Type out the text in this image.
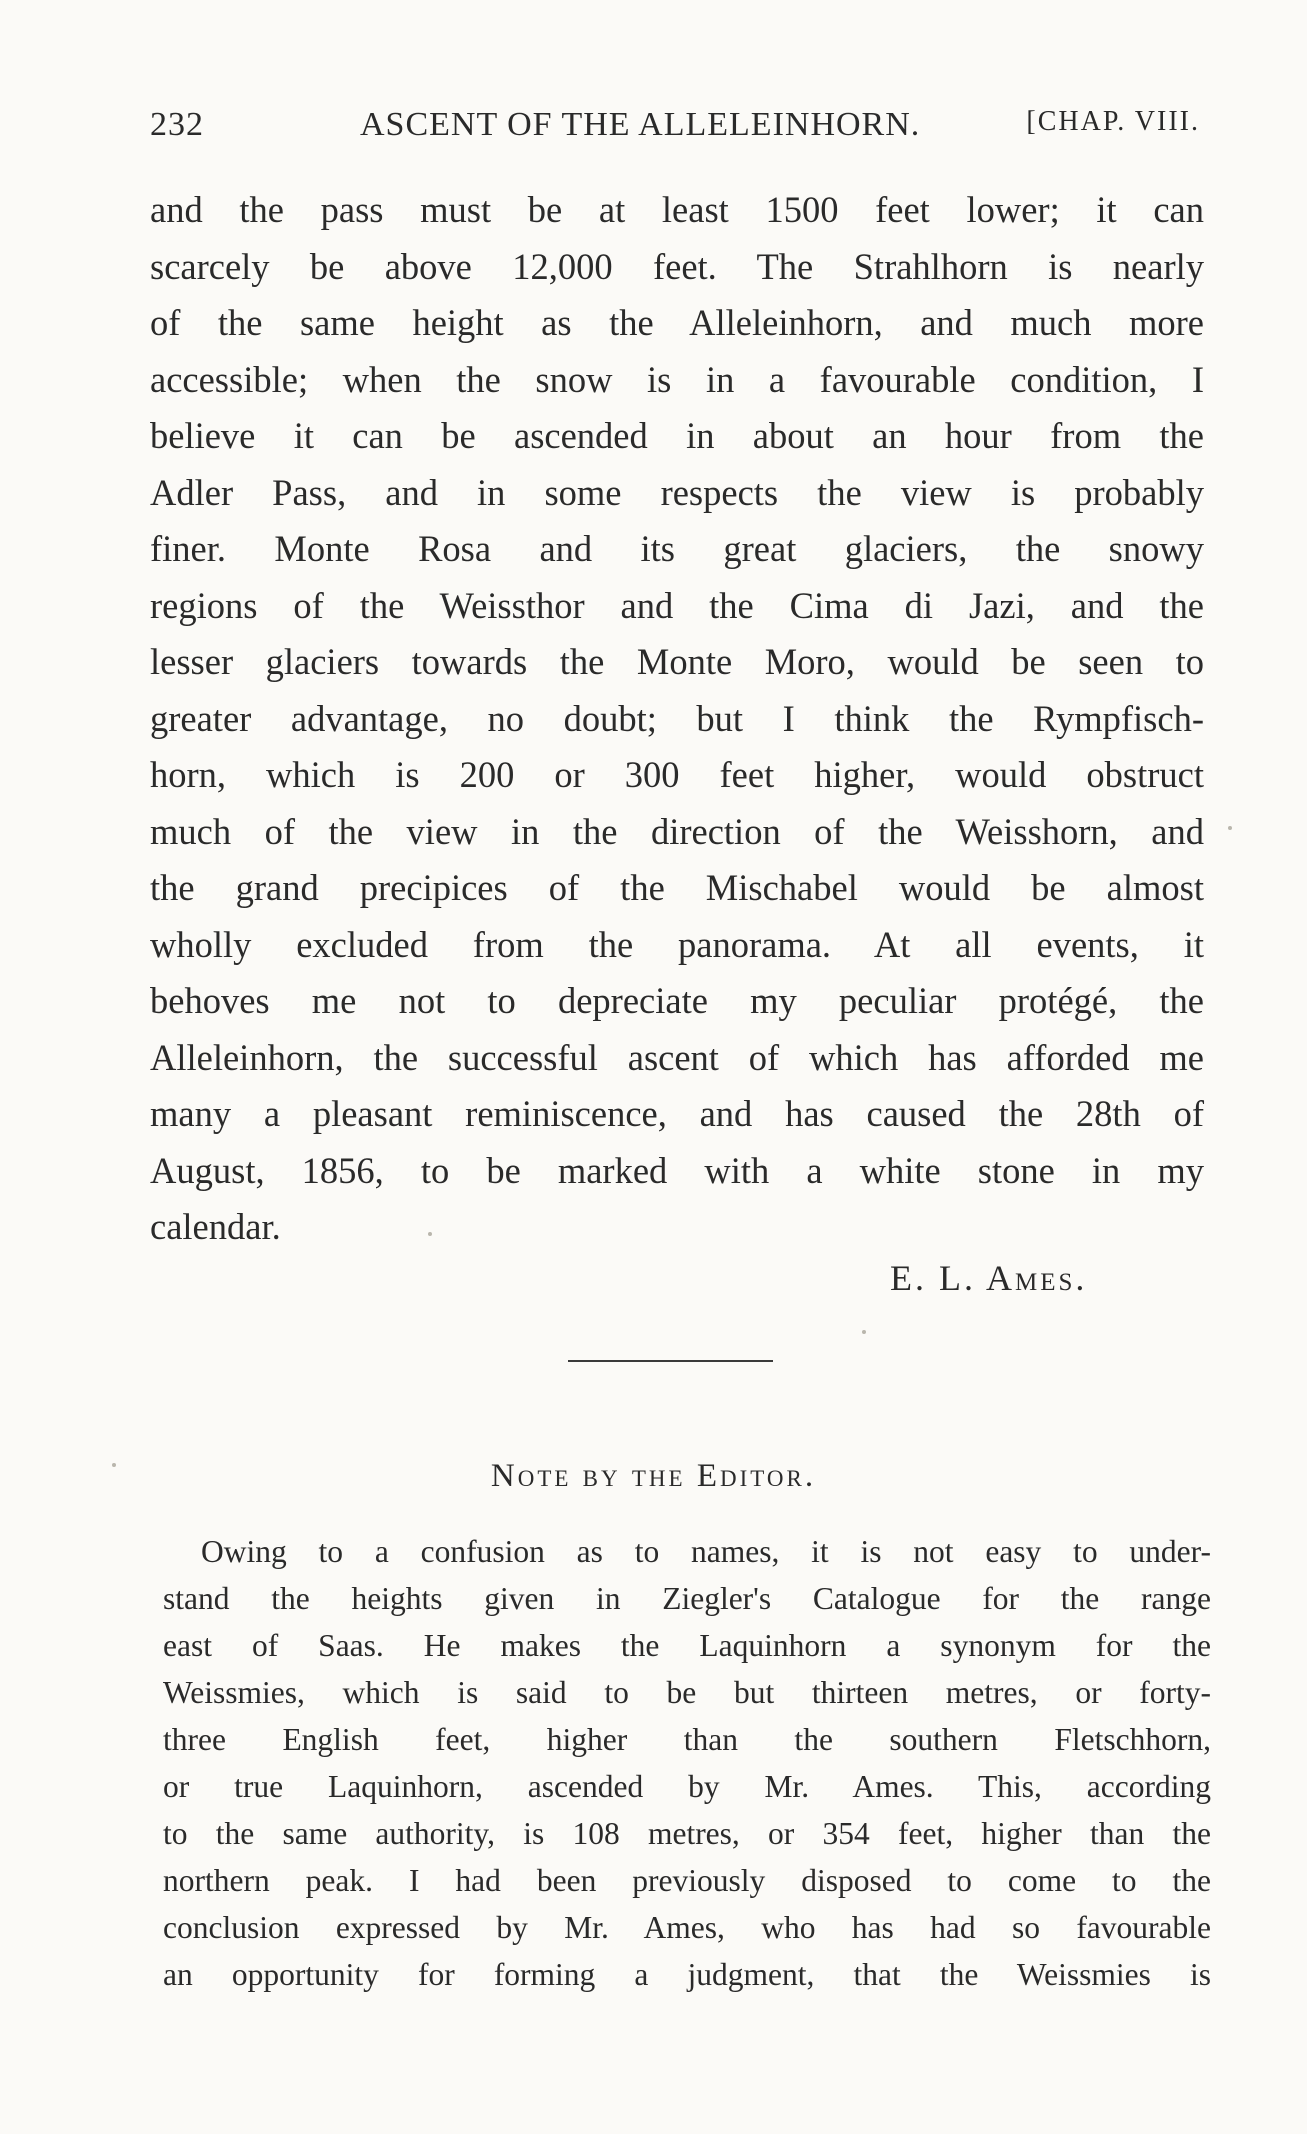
232	ASCENT OF THE ALLELEINHORN.	[CHAP. VIII.
and the pass must be at least 1500 feet lower; it can
scarcely be above 12,000 feet. The Strahlhorn is nearly
of the same height as the Alleleinhorn, and much more
accessible; when the snow is in a favourable condition, I
believe it can be ascended in about an hour from the
Adler Pass, and in some respects the view is probably
finer. Monte Rosa and its great glaciers, the snowy
regions of the Weissthor and the Cima di Jazi, and the
lesser glaciers towards the Monte Moro, would be seen to
greater advantage, no doubt; but I think the Rympfisch-
horn, which is 200 or 300 feet higher, would obstruct
much of the view in the direction of the Weisshorn, and
the grand precipices of the Mischabel would be almost
wholly excluded from the panorama. At all events, it
behoves me not to depreciate my peculiar protégé, the
Alleleinhorn, the successful ascent of which has afforded me
many a pleasant reminiscence, and has caused the 28th of
August, 1856, to be marked with a white stone in my
calendar.
E. L. Ames.
Note by the Editor.
Owing to a confusion as to names, it is not easy to under-
stand the heights given in Ziegler's Catalogue for the range
east of Saas. He makes the Laquinhorn a synonym for the
Weissmies, which is said to be but thirteen metres, or forty-
three English feet, higher than the southern Fletschhorn,
or true Laquinhorn, ascended by Mr. Ames. This, according
to the same authority, is 108 metres, or 354 feet, higher than the
northern peak. I had been previously disposed to come to the
conclusion expressed by Mr. Ames, who has had so favourable
an opportunity for forming a judgment, that the Weissmies is
